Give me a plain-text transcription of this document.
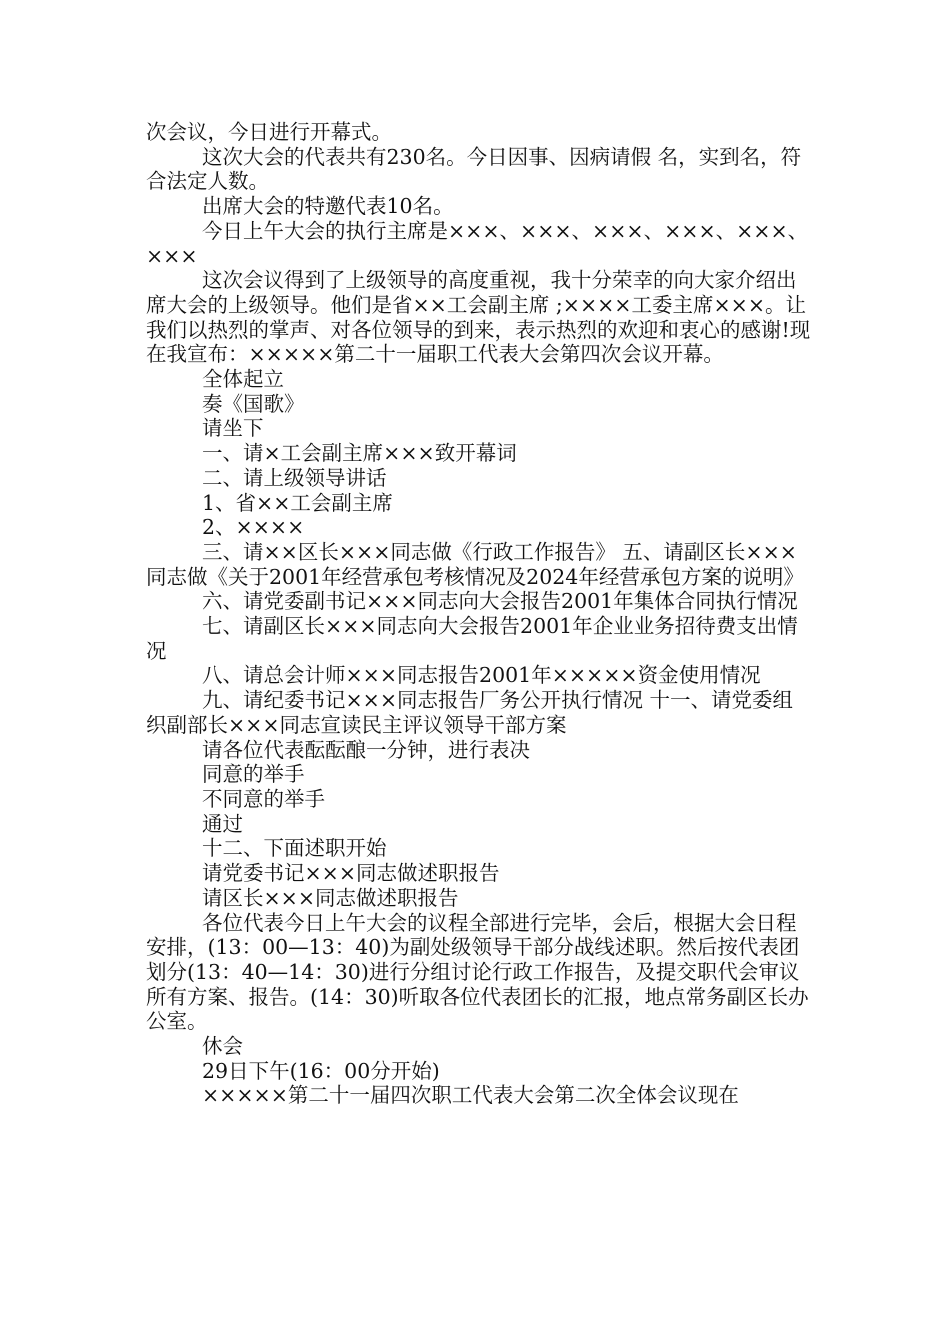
次会议，今日进行开幕式。

这次大会的代表共有230名。今日因事、因病请假 名，实到名，符合法定人数。

出席大会的特邀代表10名。

今日上午大会的执行主席是×××、×××、×××、×××、×××、×××

这次会议得到了上级领导的高度重视，我十分荣幸的向大家介绍出席大会的上级领导。他们是省××工会副主席 ;××××工委主席×××。让我们以热烈的掌声、对各位领导的到来，表示热烈的欢迎和衷心的感谢!现在我宣布：×××××第二十一届职工代表大会第四次会议开幕。

全体起立

奏《国歌》

请坐下

一、请×工会副主席×××致开幕词

二、请上级领导讲话

1、省××工会副主席

2、××××

三、请××区长×××同志做《行政工作报告》 五、请副区长×××同志做《关于2001年经营承包考核情况及2024年经营承包方案的说明》

六、请党委副书记×××同志向大会报告2001年集体合同执行情况

七、请副区长×××同志向大会报告2001年企业业务招待费支出情况

八、请总会计师×××同志报告2001年×××××资金使用情况

九、请纪委书记×××同志报告厂务公开执行情况 十一、请党委组织副部长×××同志宣读民主评议领导干部方案

请各位代表酝酝酿一分钟，进行表决

同意的举手

不同意的举手

通过

十二、下面述职开始

请党委书记×××同志做述职报告

请区长×××同志做述职报告

各位代表今日上午大会的议程全部进行完毕，会后，根据大会日程安排，(13：00—13：40)为副处级领导干部分战线述职。然后按代表团划分(13：40—14：30)进行分组讨论行政工作报告，及提交职代会审议所有方案、报告。(14：30)听取各位代表团长的汇报，地点常务副区长办公室。

休会

29日下午(16：00分开始)

×××××第二十一届四次职工代表大会第二次全体会议现在
